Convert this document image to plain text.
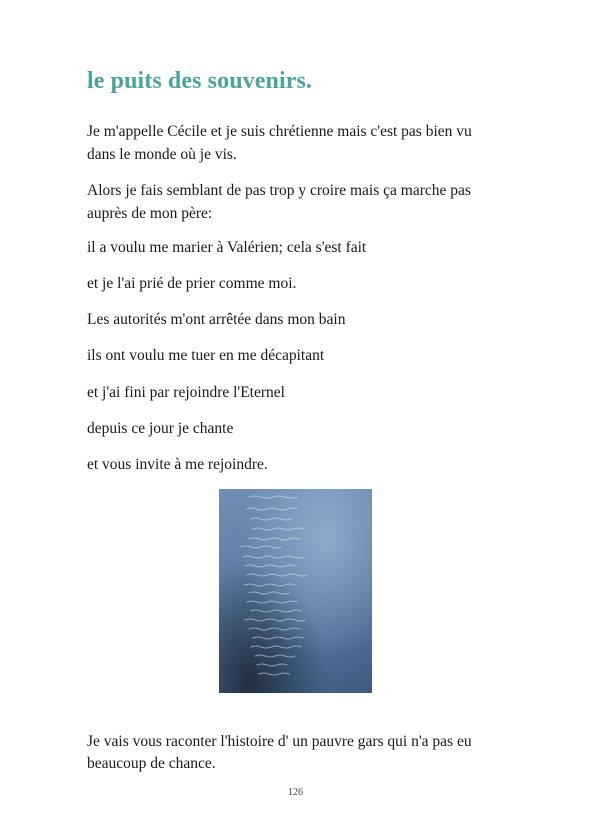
le puits des souvenirs.
Je m'appelle Cécile et je suis chrétienne mais c'est pas bien vu
dans le monde où je vis.
Alors je fais semblant de pas trop y croire mais ça marche pas
auprès de mon père:
il a voulu me marier à Valérien; cela s'est fait
et je l'ai prié de prier comme moi.
Les autorités m'ont arrêtée dans mon bain
ils ont voulu me tuer en me décapitant
et j'ai fini par rejoindre l'Eternel
depuis ce jour je chante
et vous invite à me rejoindre.
Je vais vous raconter l'histoire d' un pauvre gars qui n'a pas eu
beaucoup de chance.
126
